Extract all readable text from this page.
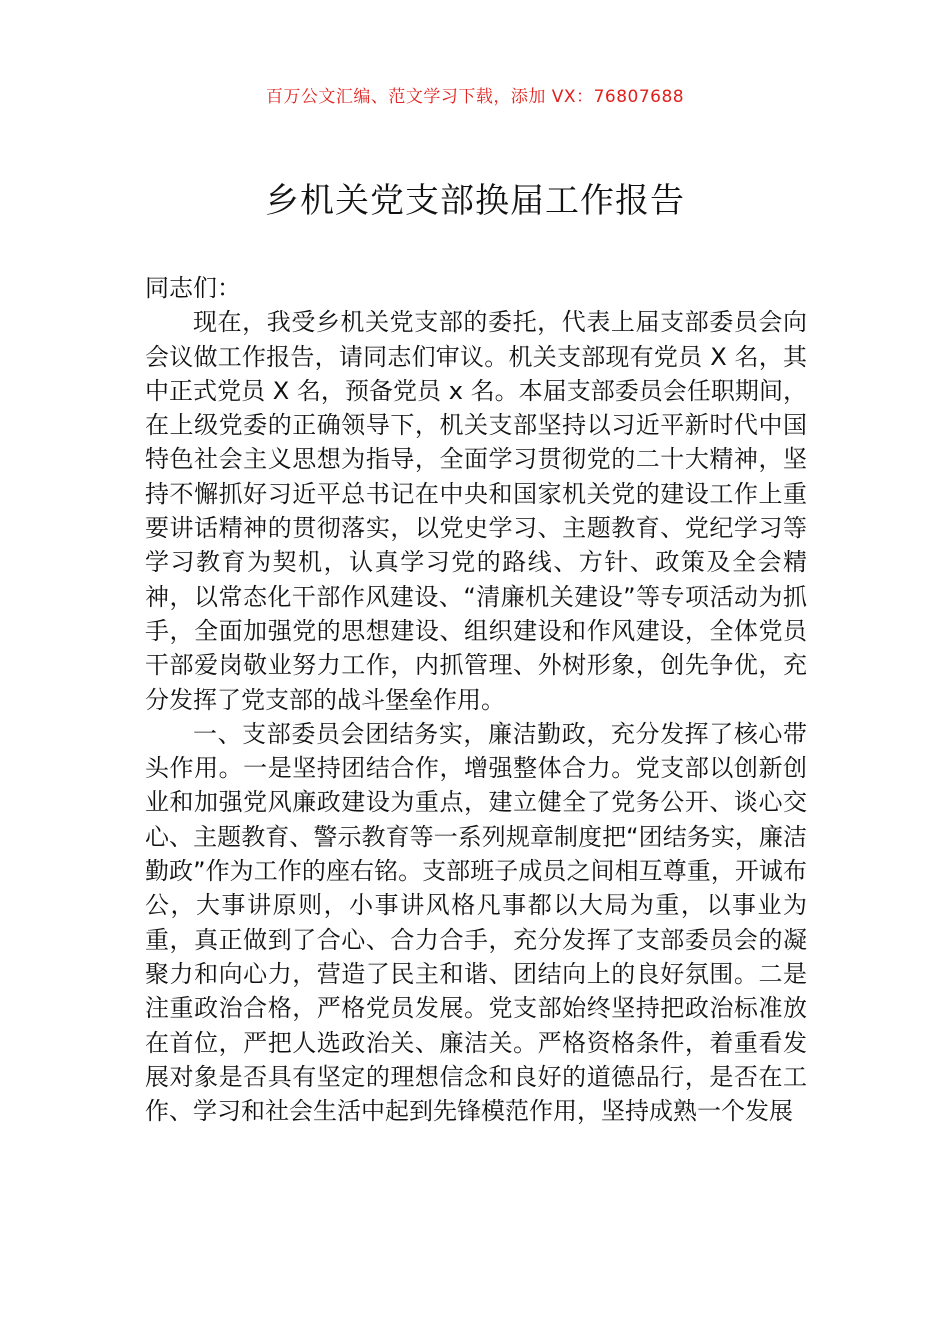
百万公文汇编、范文学习下载，添加 VX：76807688
乡机关党支部换届工作报告

同志们：

现在，我受乡机关党支部的委托，代表上届支部委员会向会议做工作报告，请同志们审议。机关支部现有党员 X 名，其中正式党员 X 名，预备党员 x 名。本届支部委员会任职期间，在上级党委的正确领导下，机关支部坚持以习近平新时代中国特色社会主义思想为指导，全面学习贯彻党的二十大精神，坚持不懈抓好习近平总书记在中央和国家机关党的建设工作上重要讲话精神的贯彻落实，以党史学习、主题教育、党纪学习等学习教育为契机，认真学习党的路线、方针、政策及全会精神，以常态化干部作风建设、“清廉机关建设”等专项活动为抓手，全面加强党的思想建设、组织建设和作风建设，全体党员干部爱岗敬业努力工作，内抓管理、外树形象，创先争优，充分发挥了党支部的战斗堡垒作用。

一、支部委员会团结务实，廉洁勤政，充分发挥了核心带头作用。一是坚持团结合作，增强整体合力。党支部以创新创业和加强党风廉政建设为重点，建立健全了党务公开、谈心交心、主题教育、警示教育等一系列规章制度把“团结务实，廉洁勤政”作为工作的座右铭。支部班子成员之间相互尊重，开诚布公，大事讲原则，小事讲风格凡事都以大局为重，以事业为重，真正做到了合心、合力合手，充分发挥了支部委员会的凝聚力和向心力，营造了民主和谐、团结向上的良好氛围。二是注重政治合格，严格党员发展。党支部始终坚持把政治标准放在首位，严把人选政治关、廉洁关。严格资格条件，着重看发展对象是否具有坚定的理想信念和良好的道德品行，是否在工作、学习和社会生活中起到先锋模范作用，坚持成熟一个发展
